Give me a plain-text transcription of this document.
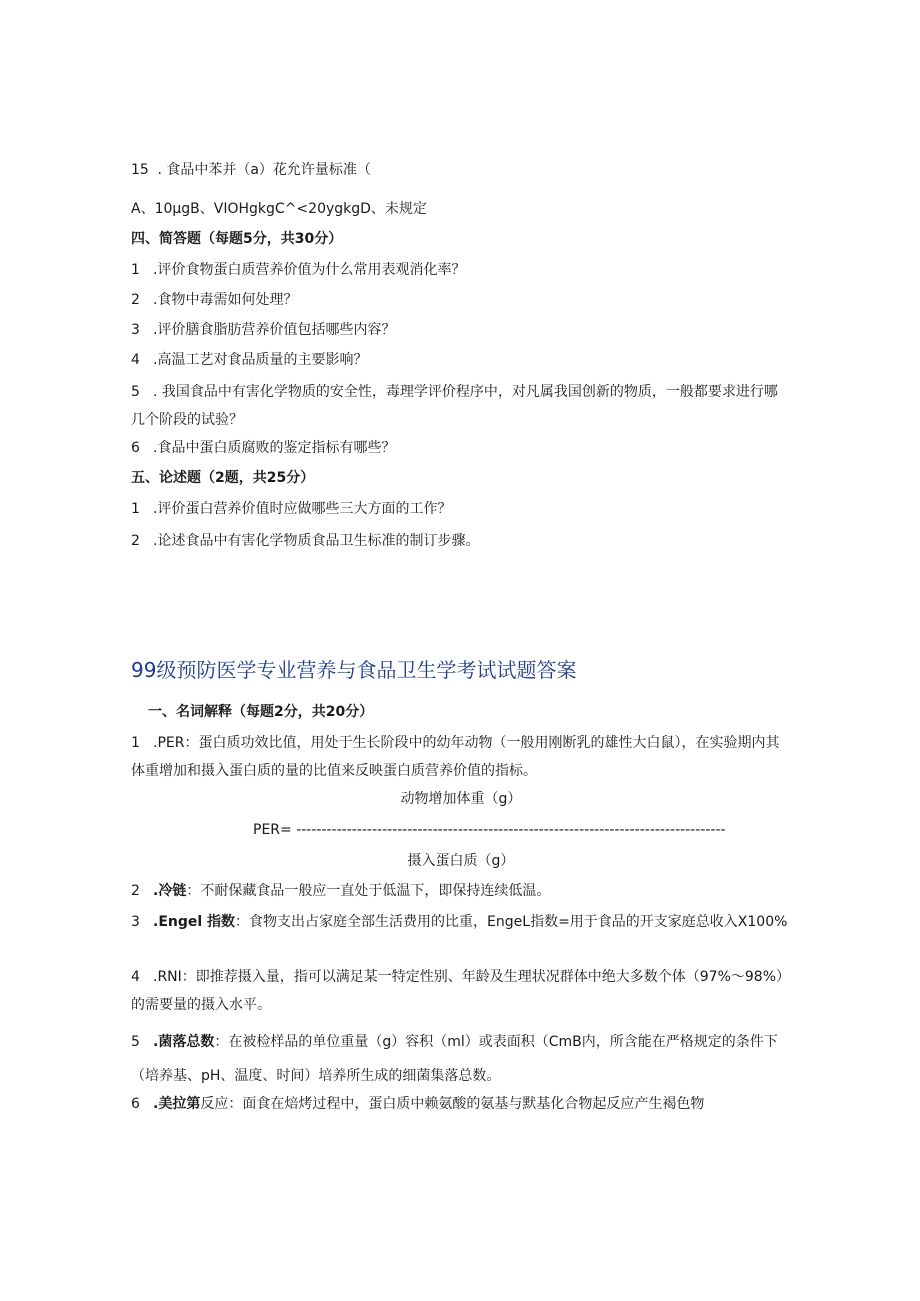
15 . 食品中苯并（a）花允许量标准（
A、10μgB、VIOHgkgC^<20ygkgD、未规定
四、简答题（每题5分，共30分）
1 .评价食物蛋白质营养价值为什么常用表观消化率？
2 .食物中毒需如何处理？
3 .评价膳食脂肪营养价值包括哪些内容？
4 .高温工艺对食品质量的主要影响？
5 . 我国食品中有害化学物质的安全性，毒理学评价程序中，对凡属我国创新的物质，一般都要求进行哪几个阶段的试验？
6 .食品中蛋白质腐败的鉴定指标有哪些？
五、论述题（2题，共25分）
1 .评价蛋白营养价值时应做哪些三大方面的工作？
2 .论述食品中有害化学物质食品卫生标准的制订步骤。
99级预防医学专业营养与食品卫生学考试试题答案
一、名词解释（每题2分，共20分）
1 .PER：蛋白质功效比值，用处于生长阶段中的幼年动物（一般用刚断乳的雄性大白鼠），在实验期内其体重增加和摄入蛋白质的量的比值来反映蛋白质营养价值的指标。
动物增加体重（g）
PER= -------------------------------------------------------------------------------------
摄入蛋白质（g）
2 .冷链：不耐保藏食品一般应一直处于低温下，即保持连续低温。
3 .Engel 指数：食物支出占家庭全部生活费用的比重，EngeL指数=用于食品的开支家庭总收入X100%
4 .RNI：即推荐摄入量，指可以满足某一特定性别、年龄及生理状况群体中绝大多数个体（97%～98%）的需要量的摄入水平。
5 .菌落总数：在被检样品的单位重量（g）容积（ml）或表面积（CmB内，所含能在严格规定的条件下（培养基、pH、温度、时间）培养所生成的细菌集落总数。
6 .美拉第反应：面食在焙烤过程中，蛋白质中赖氨酸的氨基与默基化合物起反应产生褐色物
